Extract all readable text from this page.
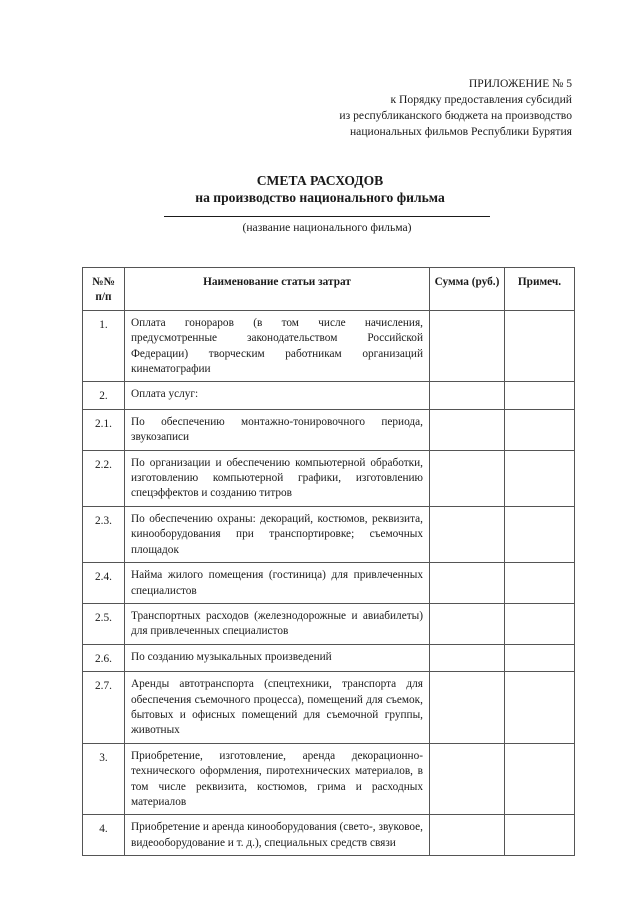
ПРИЛОЖЕНИЕ № 5
к Порядку предоставления субсидий
из республиканского бюджета на производство
национальных фильмов Республики Бурятия
СМЕТА РАСХОДОВ
на производство национального фильма
(название национального фильма)
№№ п/п	Наименование статьи затрат	Сумма (руб.)	Примеч.
1.	Оплата гонораров (в том числе начисления, предусмотренные законодательством Российской Федерации) творческим работникам организаций кинематографии		
2.	Оплата услуг:		
2.1.	По обеспечению монтажно-тонировочного периода, звукозаписи		
2.2.	По организации и обеспечению компьютерной обработки, изготовлению компьютерной графики, изготовлению спецэффектов и созданию титров		
2.3.	По обеспечению охраны: декораций, костюмов, реквизита, кинооборудования при транспортировке; съемочных площадок		
2.4.	Найма жилого помещения (гостиница) для привлеченных специалистов		
2.5.	Транспортных расходов (железнодорожные и авиабилеты) для привлеченных специалистов		
2.6.	По созданию музыкальных произведений		
2.7.	Аренды автотранспорта (спецтехники, транспорта для обеспечения съемочного процесса), помещений для съемок, бытовых и офисных помещений для съемочной группы, животных		
3.	Приобретение, изготовление, аренда декорационно-технического оформления, пиротехнических материалов, в том числе реквизита, костюмов, грима и расходных материалов		
4.	Приобретение и аренда кинооборудования (свето-, звуковое, видеооборудование и т. д.), специальных средств связи		
